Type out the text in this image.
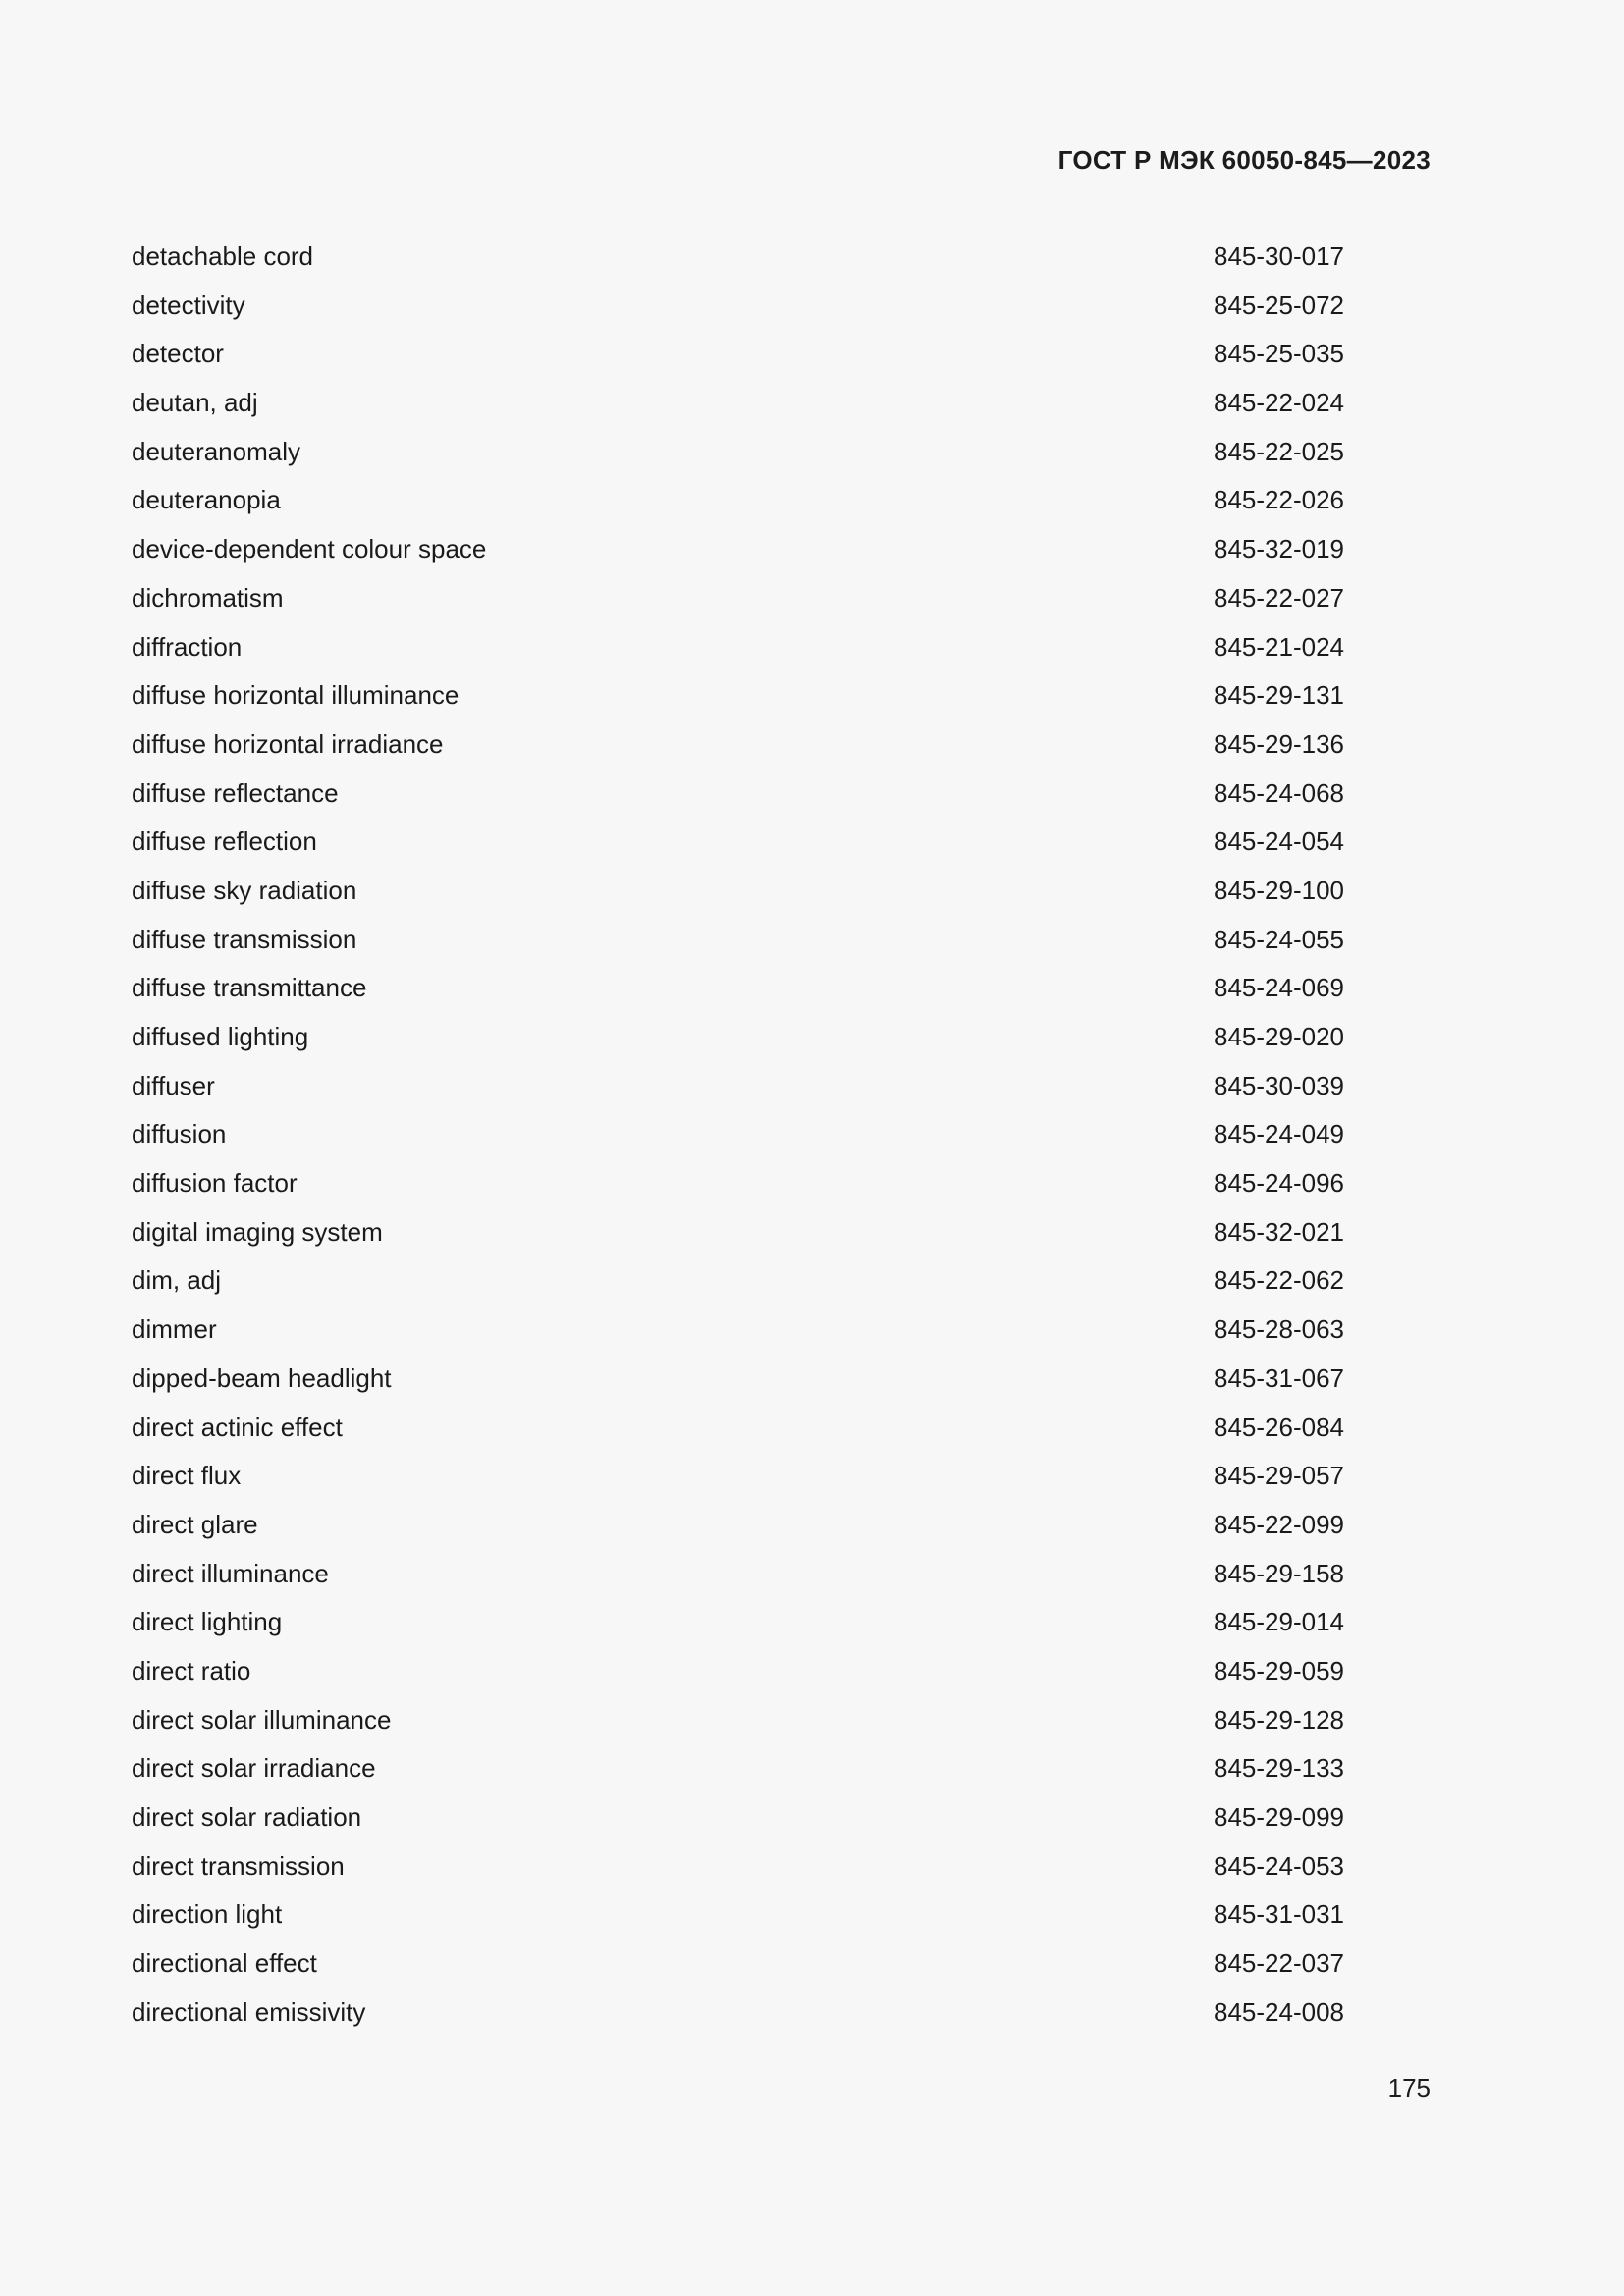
ГОСТ Р МЭК 60050-845—2023
detachable cord	845-30-017
detectivity	845-25-072
detector	845-25-035
deutan, adj	845-22-024
deuteranomaly	845-22-025
deuteranopia	845-22-026
device-dependent colour space	845-32-019
dichromatism	845-22-027
diffraction	845-21-024
diffuse horizontal illuminance	845-29-131
diffuse horizontal irradiance	845-29-136
diffuse reflectance	845-24-068
diffuse reflection	845-24-054
diffuse sky radiation	845-29-100
diffuse transmission	845-24-055
diffuse transmittance	845-24-069
diffused lighting	845-29-020
diffuser	845-30-039
diffusion	845-24-049
diffusion factor	845-24-096
digital imaging system	845-32-021
dim, adj	845-22-062
dimmer	845-28-063
dipped-beam headlight	845-31-067
direct actinic effect	845-26-084
direct flux	845-29-057
direct glare	845-22-099
direct illuminance	845-29-158
direct lighting	845-29-014
direct ratio	845-29-059
direct solar illuminance	845-29-128
direct solar irradiance	845-29-133
direct solar radiation	845-29-099
direct transmission	845-24-053
direction light	845-31-031
directional effect	845-22-037
directional emissivity	845-24-008
175
